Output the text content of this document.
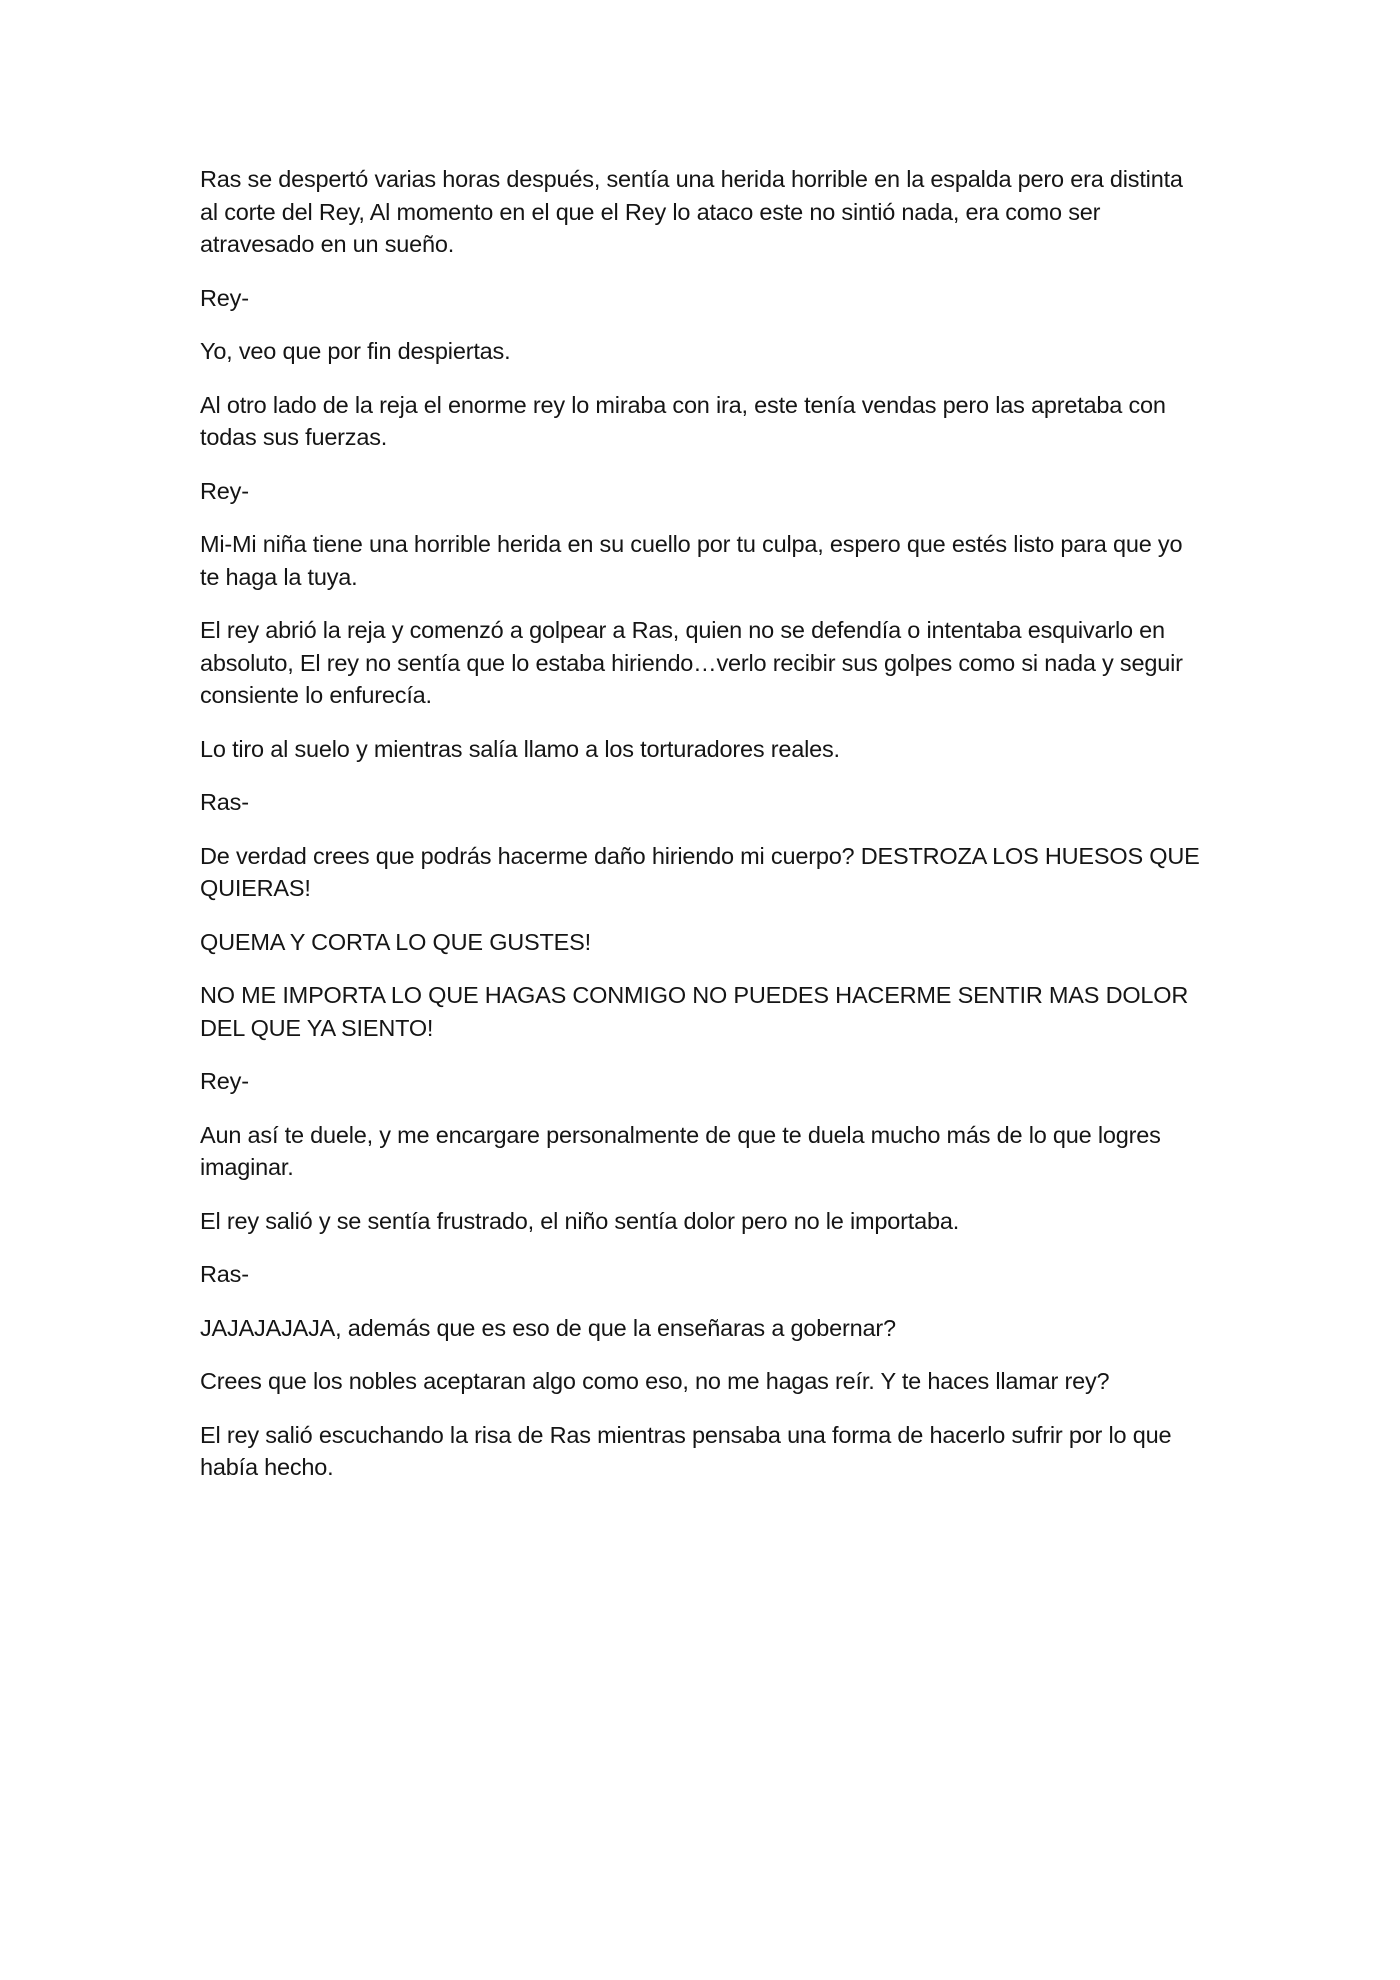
Ras se despertó varias horas después, sentía una herida horrible en la espalda pero era distinta al corte del Rey, Al momento en el que el Rey lo ataco este no sintió nada, era como ser atravesado en un sueño.

Rey-

Yo, veo que por fin despiertas.

Al otro lado de la reja el enorme rey lo miraba con ira, este tenía vendas pero las apretaba con todas sus fuerzas.

Rey-

Mi-Mi niña tiene una horrible herida en su cuello por tu culpa, espero que estés listo para que yo te haga la tuya.

El rey abrió la reja y comenzó a golpear a Ras, quien no se defendía o intentaba esquivarlo en absoluto, El rey no sentía que lo estaba hiriendo…verlo recibir sus golpes como si nada y seguir consiente lo enfurecía.

Lo tiro al suelo y mientras salía llamo a los torturadores reales.

Ras-

De verdad crees que podrás hacerme daño hiriendo mi cuerpo? DESTROZA LOS HUESOS QUE QUIERAS!

QUEMA Y CORTA LO QUE GUSTES!

NO ME IMPORTA LO QUE HAGAS CONMIGO NO PUEDES HACERME SENTIR MAS DOLOR DEL QUE YA SIENTO!

Rey-

Aun así te duele, y me encargare personalmente de que te duela mucho más de lo que logres imaginar.

El rey salió y se sentía frustrado, el niño sentía dolor pero no le importaba.

Ras-

JAJAJAJAJA, además que es eso de que la enseñaras a gobernar?

Crees que los nobles aceptaran algo como eso, no me hagas reír. Y te haces llamar rey?

El rey salió escuchando la risa de Ras mientras pensaba una forma de hacerlo sufrir por lo que había hecho.
